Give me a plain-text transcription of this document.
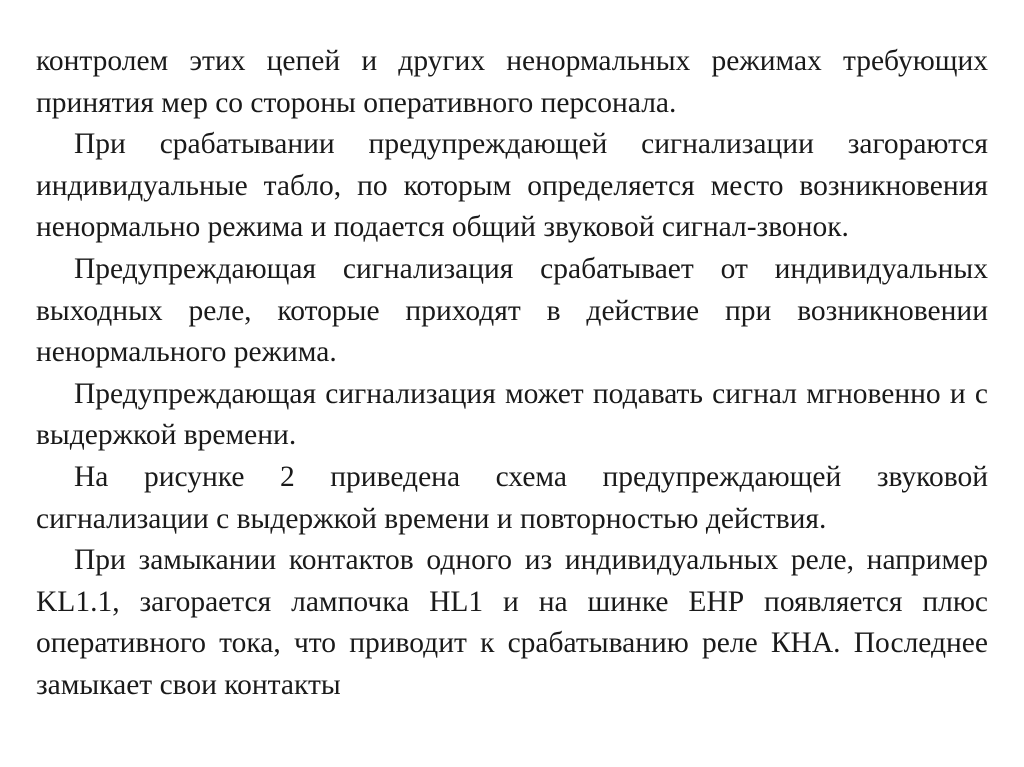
контролем этих цепей и других ненормальных режимах требующих принятия мер со стороны оперативного персонала.

При срабатывании предупреждающей сигнализации загораются индивидуальные табло, по которым определяется место возникновения ненормально режима и подается общий звуковой сигнал-звонок.

Предупреждающая сигнализация срабатывает от индивидуальных выходных реле, которые приходят в действие при возникновении ненормального режима.

Предупреждающая сигнализация может подавать сигнал мгновенно и с выдержкой времени.

На рисунке 2 приведена схема предупреждающей звуковой сигнализации с выдержкой времени и повторностью действия.

При замыкании контактов одного из индивидуальных реле, например KL1.1, загорается лампочка HL1 и на шинке ЕНР появляется плюс оперативного тока, что приводит к срабатыванию реле КНА. Последнее замыкает свои контакты
